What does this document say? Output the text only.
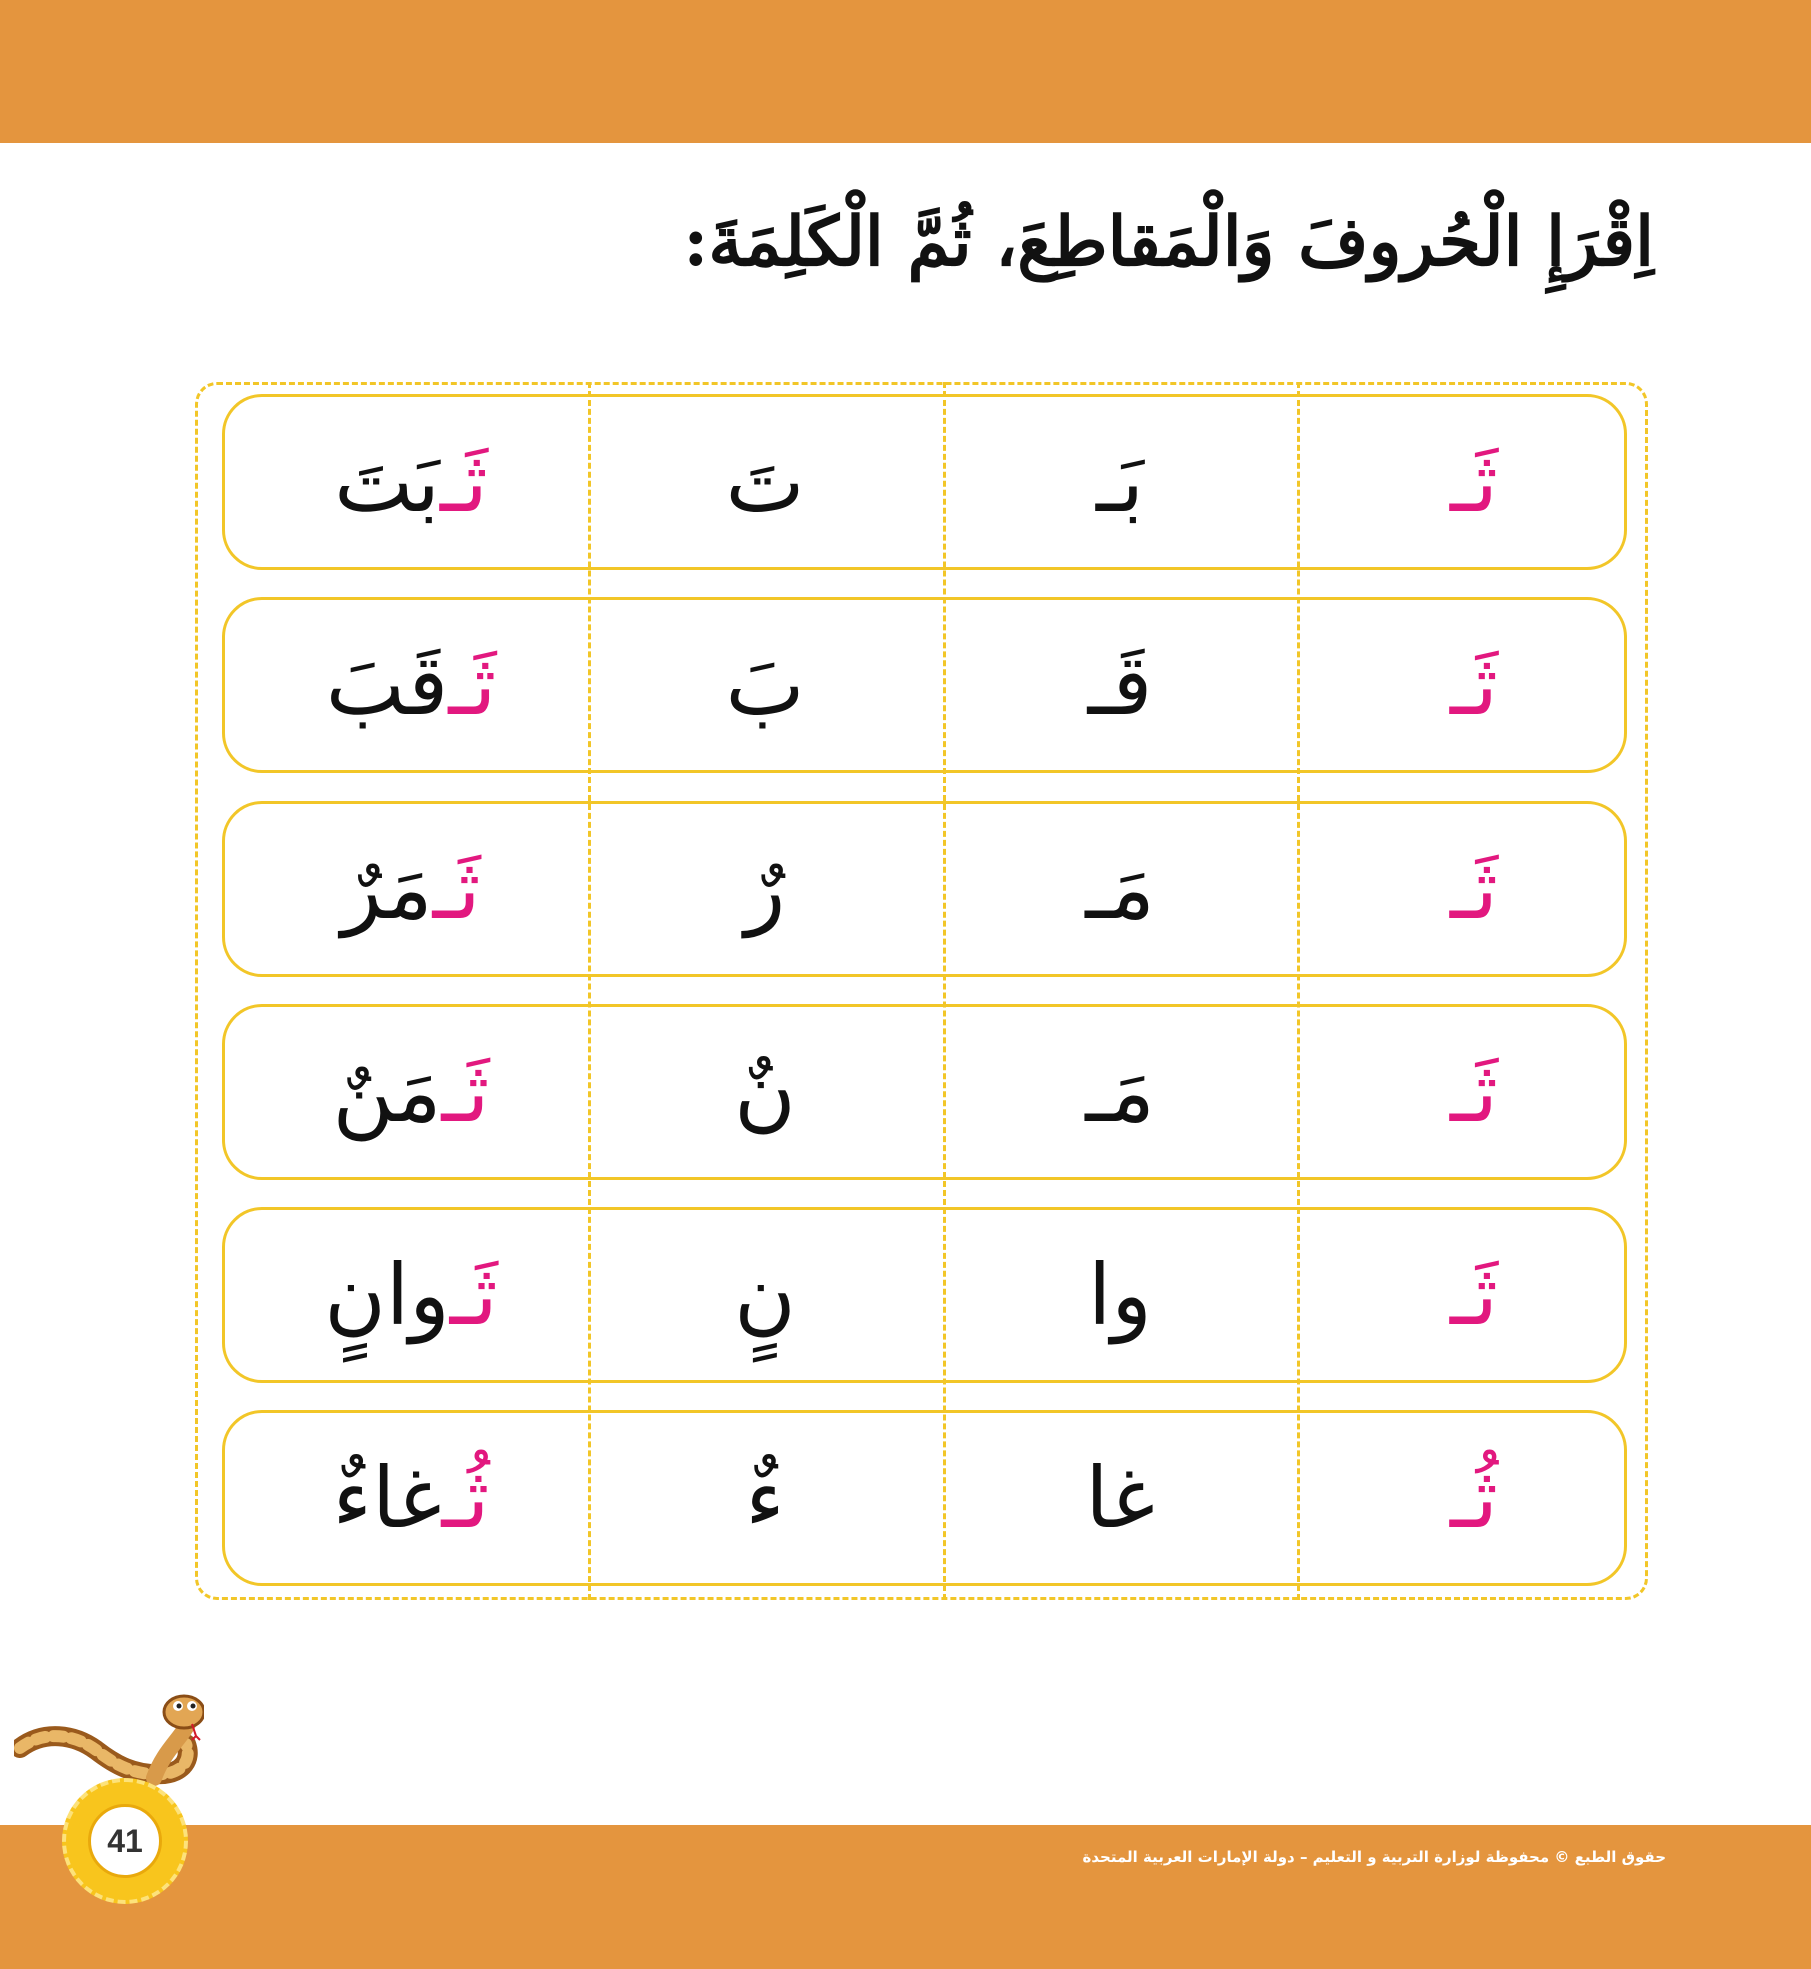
اِقْرَإِ الْحُروفَ وَالْمَقاطِعَ، ثُمَّ الْكَلِمَةَ:
ثَـ
بَـ
تَ
ثَـ
بَتَ
ثَـ
قَـ
بَ
ثَـ
قَبَ
ثَـ
مَـ
رٌ
ثَـ
مَرٌ
ثَـ
مَـ
نٌ
ثَـ
مَنٌ
ثَـ
وا
نٍ
ثَـ
وانٍ
ثُـ
غا
ءٌ
ثُـ
غاءٌ
حقوق الطبع © محفوظة لوزارة التربية و التعليم – دولة الإمارات العربية المتحدة
41
